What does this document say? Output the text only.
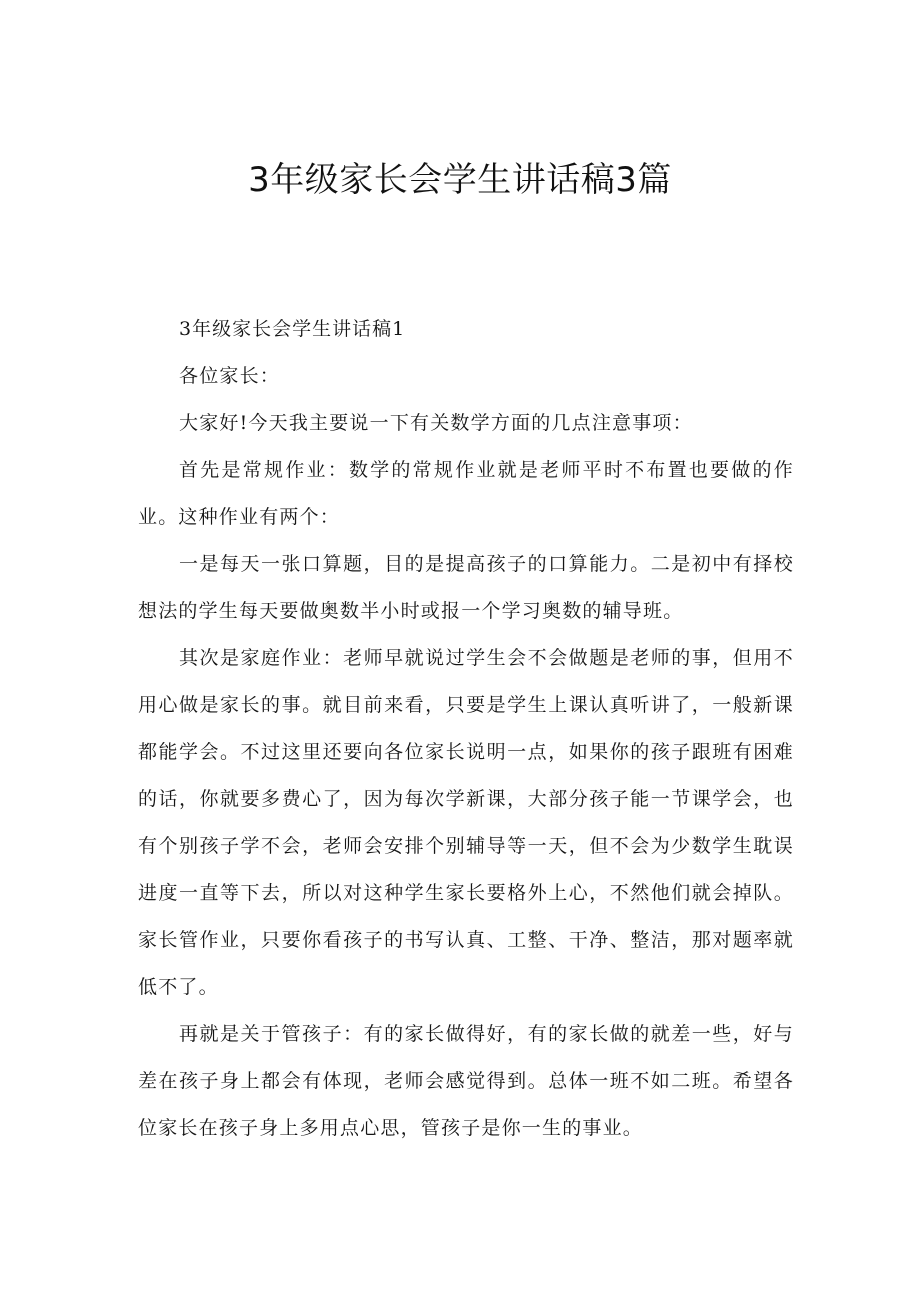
3年级家长会学生讲话稿3篇

3年级家长会学生讲话稿1

各位家长：

大家好!今天我主要说一下有关数学方面的几点注意事项：

首先是常规作业：数学的常规作业就是老师平时不布置也要做的作业。这种作业有两个：

一是每天一张口算题，目的是提高孩子的口算能力。二是初中有择校想法的学生每天要做奥数半小时或报一个学习奥数的辅导班。

其次是家庭作业：老师早就说过学生会不会做题是老师的事，但用不用心做是家长的事。就目前来看，只要是学生上课认真听讲了，一般新课都能学会。不过这里还要向各位家长说明一点，如果你的孩子跟班有困难的话，你就要多费心了，因为每次学新课，大部分孩子能一节课学会，也有个别孩子学不会，老师会安排个别辅导等一天，但不会为少数学生耽误进度一直等下去，所以对这种学生家长要格外上心，不然他们就会掉队。家长管作业，只要你看孩子的书写认真、工整、干净、整洁，那对题率就低不了。

再就是关于管孩子：有的家长做得好，有的家长做的就差一些，好与差在孩子身上都会有体现，老师会感觉得到。总体一班不如二班。希望各位家长在孩子身上多用点心思，管孩子是你一生的事业。
